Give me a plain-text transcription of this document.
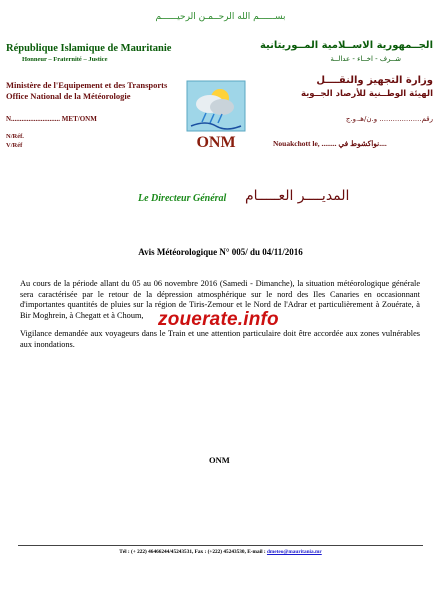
بســــــم الله الرحــمـن الرحيــــــم
République Islamique de Mauritanie
Honneur – Fraternité – Justice
الجــمهورية الاســلامية المــوريتانية
شــرف - اخــاء - عدالــة
Ministère de l'Equipement et des Transports
Office National de la Météorologie
وزارة التجهيز والنقــــل
الهيئة الوطــنية للأرصاد الجــوية
N............................ MET/ONM	رقم................... و.ن/هـ.و.ج
N/Réf.
V/Réf	Nouakchott le, ........ نواكشوط في....
ONM
Le Directeur Général المديــــر العـــــام
Avis Météorologique N° 005/ du 04/11/2016

Au cours de la période allant du 05 au 06 novembre 2016 (Samedi - Dimanche), la situation météorologique générale sera caractérisée par le retour de la dépression atmosphérique sur le nord des Iles Canaries en occasionnant d'importantes quantités de pluies sur la région de Tiris-Zemour et le Nord de l'Adrar et particulièrement à Zouérate, à Bir Moghrein, à Chegatt et à Choum,

Vigilance demandée aux voyageurs dans le Train et une attention particulaire doit être accordée aux zones vulnérables aux inondations.

zouerate.info
ONM
Tél : (+ 222) 46466244/45243531, Fax : (+222) 45243530, E-mail : dmeteo@mauritania.mr
